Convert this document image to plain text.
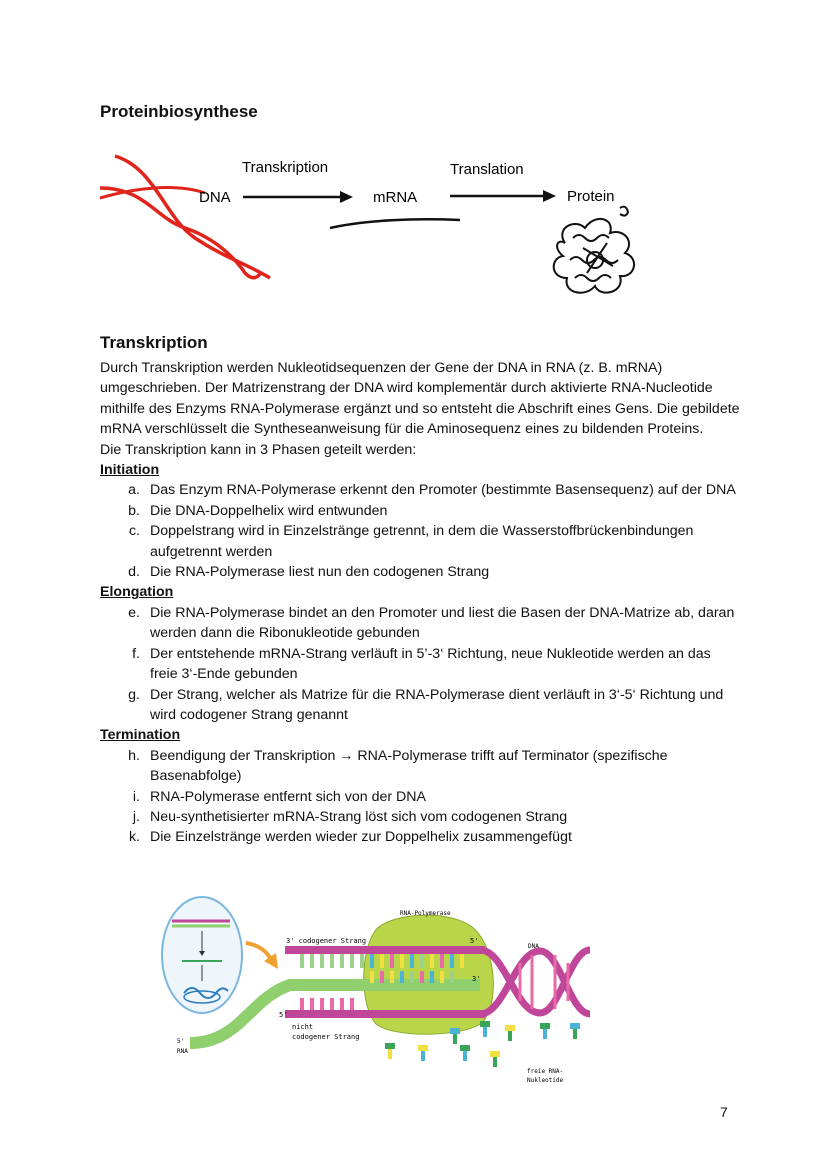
Proteinbiosynthese
DNA
Transkription
mRNA
Translation
Protein
Transkription

Durch Transkription werden Nukleotidsequenzen der Gene der DNA in RNA (z. B. mRNA) umgeschrieben. Der Matrizenstrang der DNA wird komplementär durch aktivierte RNA-Nucleotide mithilfe des Enzyms RNA-Polymerase ergänzt und so entsteht die Abschrift eines Gens. Die gebildete mRNA verschlüsselt die Syntheseanweisung für die Aminosequenz eines zu bildenden Proteins.

Die Transkription kann in 3 Phasen geteilt werden:

Initiation

a. Das Enzym RNA-Polymerase erkennt den Promoter (bestimmte Basensequenz) auf der DNA
b. Die DNA-Doppelhelix wird entwunden
c. Doppelstrang wird in Einzelstränge getrennt, in dem die Wasserstoffbrückenbindungen aufgetrennt werden
d. Die RNA-Polymerase liest nun den codogenen Strang

Elongation

e. Die RNA-Polymerase bindet an den Promoter und liest die Basen der DNA-Matrize ab, daran werden dann die Ribonukleotide gebunden
f. Der entstehende mRNA-Strang verläuft in 5’-3‘ Richtung, neue Nukleotide werden an das freie 3‘-Ende gebunden
g. Der Strang, welcher als Matrize für die RNA-Polymerase dient verläuft in 3‘-5‘ Richtung und wird codogener Strang genannt

Termination

h. Beendigung der Transkription → RNA-Polymerase trifft auf Terminator (spezifische Basenabfolge)
i. RNA-Polymerase entfernt sich von der DNA
j. Neu-synthetisierter mRNA-Strang löst sich vom codogenen Strang
k. Die Einzelstränge werden wieder zur Doppelhelix zusammengefügt
RNA-Polymerase
3' codogener Strang	5'
3'
5'
nicht
codogener Strang
5'
RNA
DNA
freie RNA-
Nukleotide
7
